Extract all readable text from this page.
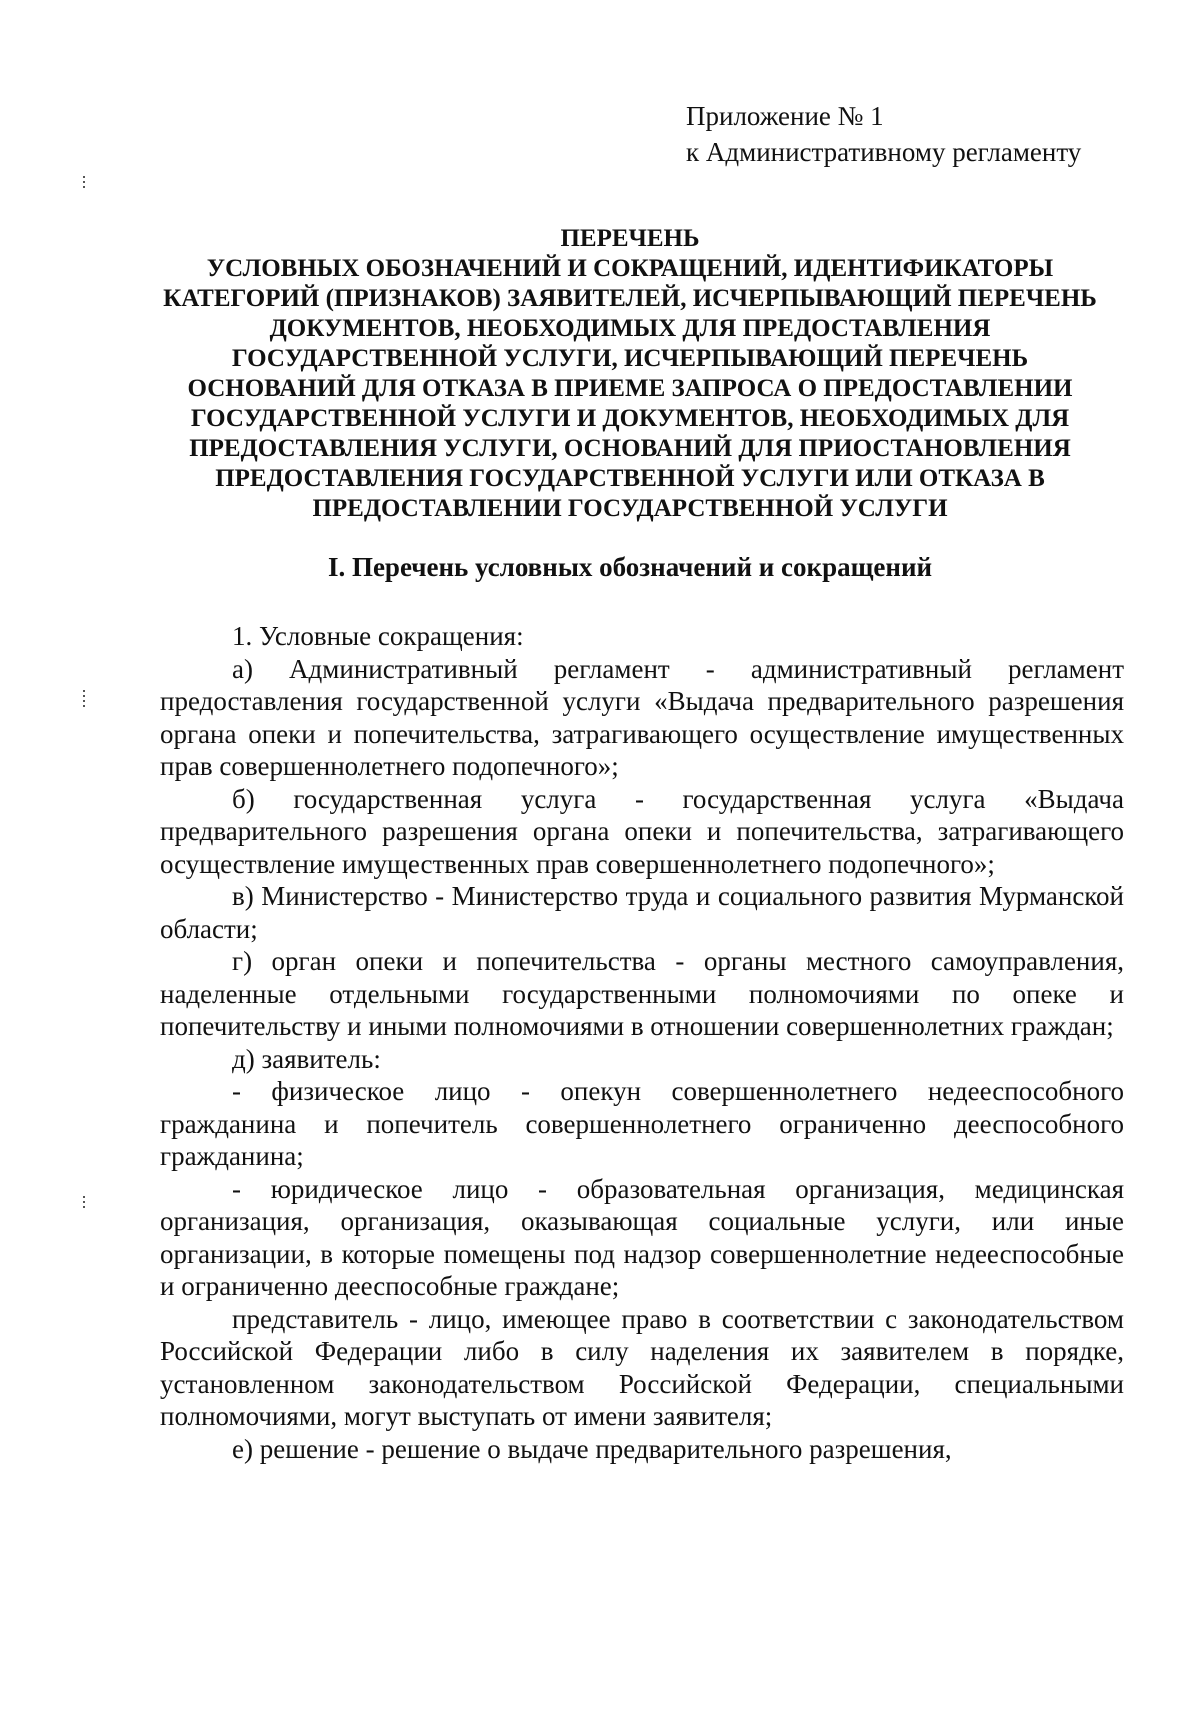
Приложение № 1
к Административному регламенту
ПЕРЕЧЕНЬ
УСЛОВНЫХ ОБОЗНАЧЕНИЙ И СОКРАЩЕНИЙ, ИДЕНТИФИКАТОРЫ
КАТЕГОРИЙ (ПРИЗНАКОВ) ЗАЯВИТЕЛЕЙ, ИСЧЕРПЫВАЮЩИЙ ПЕРЕЧЕНЬ
ДОКУМЕНТОВ, НЕОБХОДИМЫХ ДЛЯ ПРЕДОСТАВЛЕНИЯ
ГОСУДАРСТВЕННОЙ УСЛУГИ, ИСЧЕРПЫВАЮЩИЙ ПЕРЕЧЕНЬ
ОСНОВАНИЙ ДЛЯ ОТКАЗА В ПРИЕМЕ ЗАПРОСА О ПРЕДОСТАВЛЕНИИ
ГОСУДАРСТВЕННОЙ УСЛУГИ И ДОКУМЕНТОВ, НЕОБХОДИМЫХ ДЛЯ
ПРЕДОСТАВЛЕНИЯ УСЛУГИ, ОСНОВАНИЙ ДЛЯ ПРИОСТАНОВЛЕНИЯ
ПРЕДОСТАВЛЕНИЯ ГОСУДАРСТВЕННОЙ УСЛУГИ ИЛИ ОТКАЗА В
ПРЕДОСТАВЛЕНИИ ГОСУДАРСТВЕННОЙ УСЛУГИ
I. Перечень условных обозначений и сокращений

1. Условные сокращения:

а) Административный регламент - административный регламент предоставления государственной услуги «Выдача предварительного разрешения органа опеки и попечительства, затрагивающего осуществление имущественных прав совершеннолетнего подопечного»;

б) государственная услуга - государственная услуга «Выдача предварительного разрешения органа опеки и попечительства, затрагивающего осуществление имущественных прав совершеннолетнего подопечного»;

в) Министерство - Министерство труда и социального развития Мурманской области;

г) орган опеки и попечительства - органы местного самоуправления, наделенные отдельными государственными полномочиями по опеке и попечительству и иными полномочиями в отношении совершеннолетних граждан;

д) заявитель:

- физическое лицо - опекун совершеннолетнего недееспособного гражданина и попечитель совершеннолетнего ограниченно дееспособного гражданина;

- юридическое лицо - образовательная организация, медицинская организация, организация, оказывающая социальные услуги, или иные организации, в которые помещены под надзор совершеннолетние недееспособные и ограниченно дееспособные граждане;

представитель - лицо, имеющее право в соответствии с законодательством Российской Федерации либо в силу наделения их заявителем в порядке, установленном законодательством Российской Федерации, специальными полномочиями, могут выступать от имени заявителя;

е) решение - решение о выдаче предварительного разрешения,
